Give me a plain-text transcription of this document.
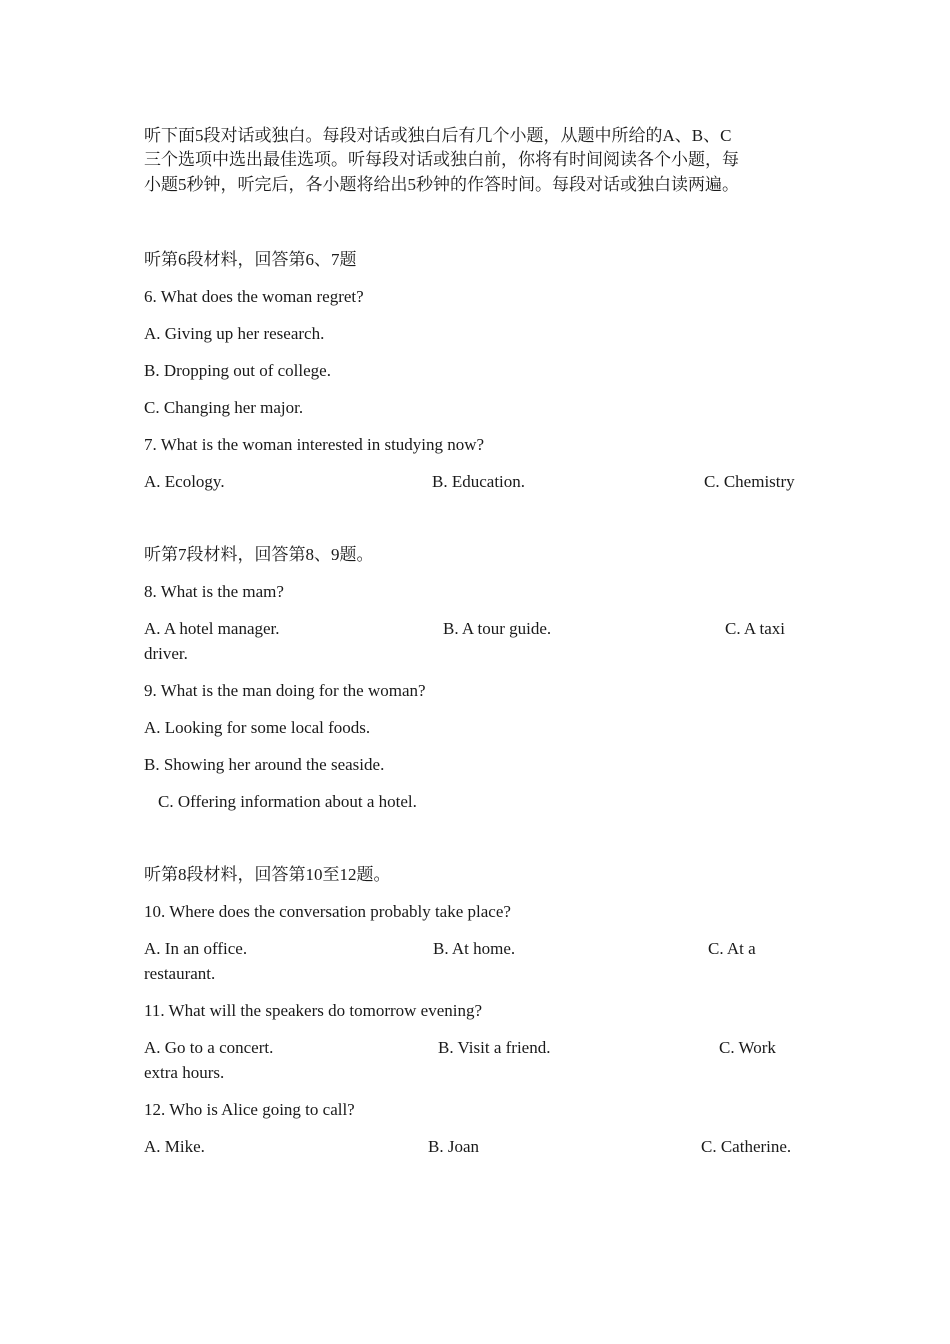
听下面5段对话或独白。每段对话或独白后有几个小题，从题中所给的A、B、C
三个选项中选出最佳选项。听每段对话或独白前，你将有时间阅读各个小题，每
小题5秒钟，听完后，各小题将给出5秒钟的作答时间。每段对话或独白读两遍。
听第6段材料，回答第6、7题
6. What does the woman regret?
A. Giving up her research.
B. Dropping out of college.
C. Changing her major.
7. What is the woman interested in studying now?
A. Ecology.	B. Education.	C. Chemistry
听第7段材料，回答第8、9题。
8. What is the mam?
A. A hotel manager.	B. A tour guide.	C. A taxi
driver.
9. What is the man doing for the woman?
A. Looking for some local foods.
B. Showing her around the seaside.
C. Offering information about a hotel.
听第8段材料，回答第10至12题。
10. Where does the conversation probably take place?
A. In an office.	B. At home.	C. At a
restaurant.
11. What will the speakers do tomorrow evening?
A. Go to a concert.	B. Visit a friend.	C. Work
extra hours.
12. Who is Alice going to call?
A. Mike.	B. Joan	C. Catherine.
